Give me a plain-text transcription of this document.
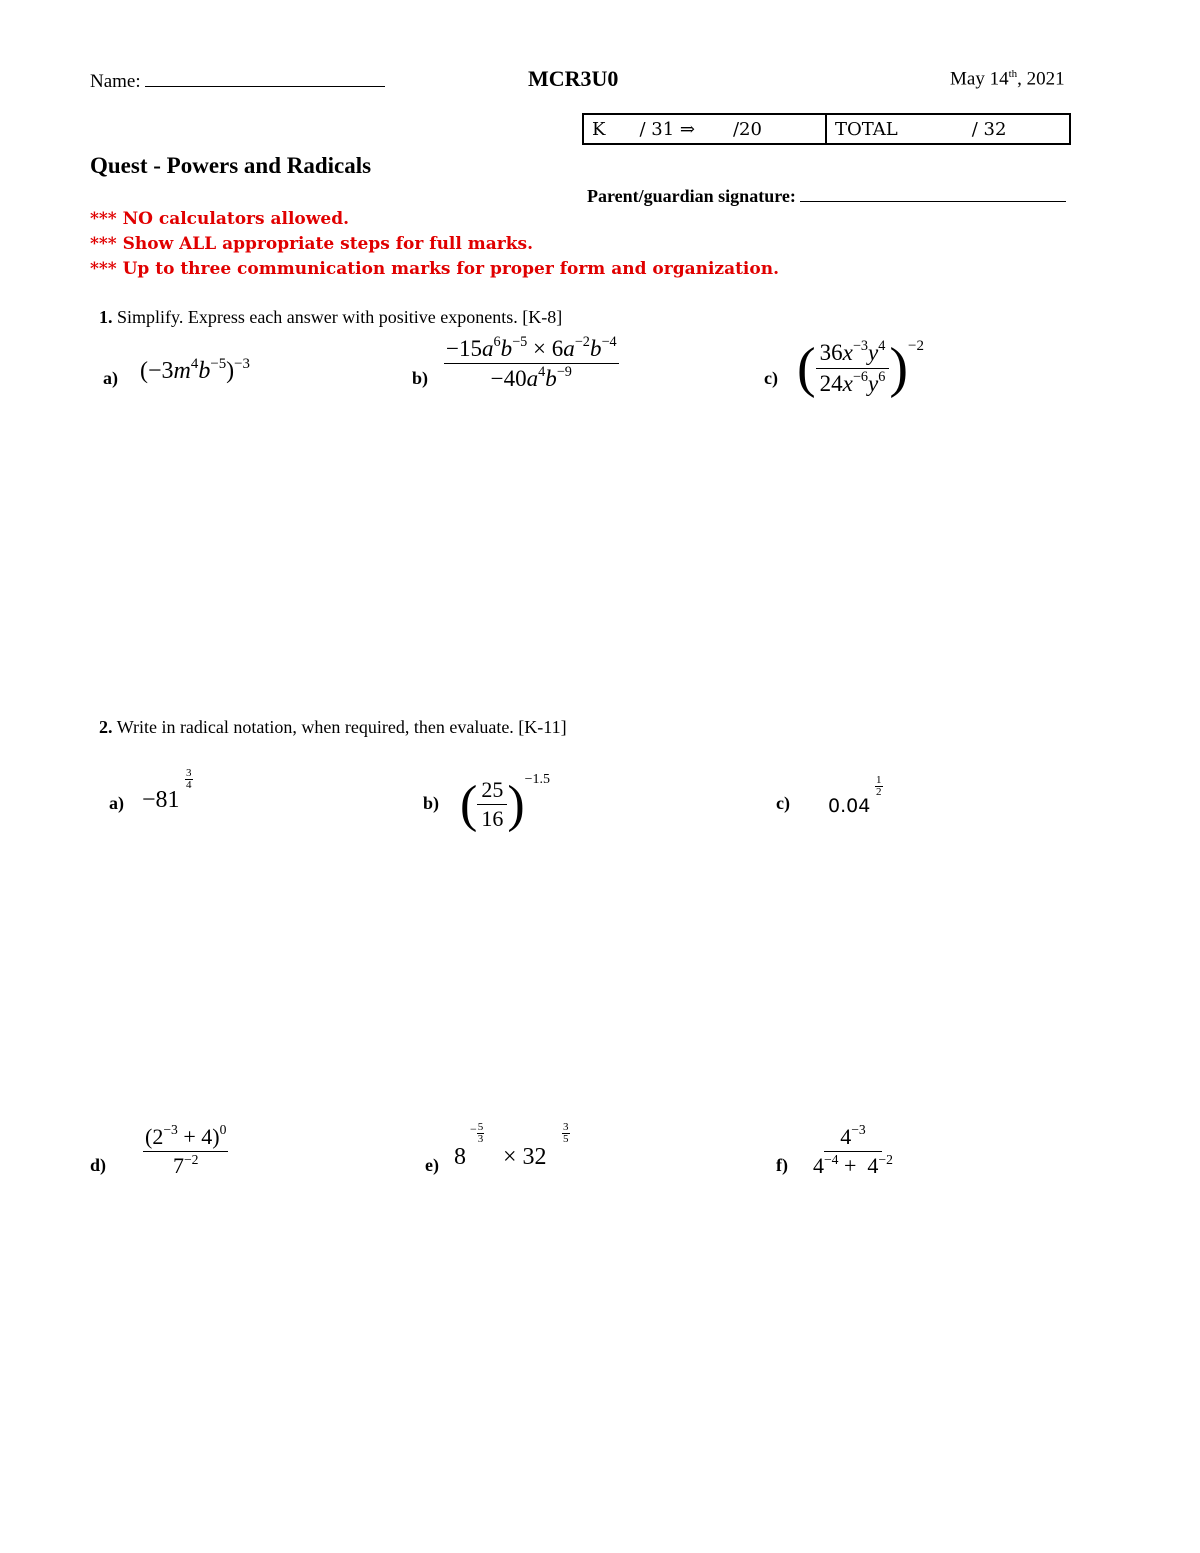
Name:	MCR3U0	May 14th, 2021
K / 31 ⇒ /20	TOTAL	/ 32
Quest - Powers and Radicals
Parent/guardian signature:
*** NO calculators allowed.
*** Show ALL appropriate steps for full marks.
*** Up to three communication marks for proper form and organization.
1. Simplify. Express each answer with positive exponents. [K-8]
a) $(-3m^4b^{-5})^{-3}$
$b) \frac{-15a^6b^{-5} \times 6a^{-2}b^{-4}}{-40a^4b^{-9}}$	c) ( $\frac{36x^{-3}y^4}{24x^{-6}y^6}$ ) −2
2. Write in radical notation, when required, then evaluate. [K-11]
a) −81
$\frac{3}{4}$
b) ( $\frac{25}{16}$ ) −1.5
c) 0.04
$\frac{1}{2}$
$d) \frac{(2^{-3} + 4)^0}{7^{-2}}$	e) 8
− $\frac{5}{3}$
× 32
$\frac{3}{5}$
$f) \frac{4^{-3}}{4^{-4} + 4^{-2}}$
